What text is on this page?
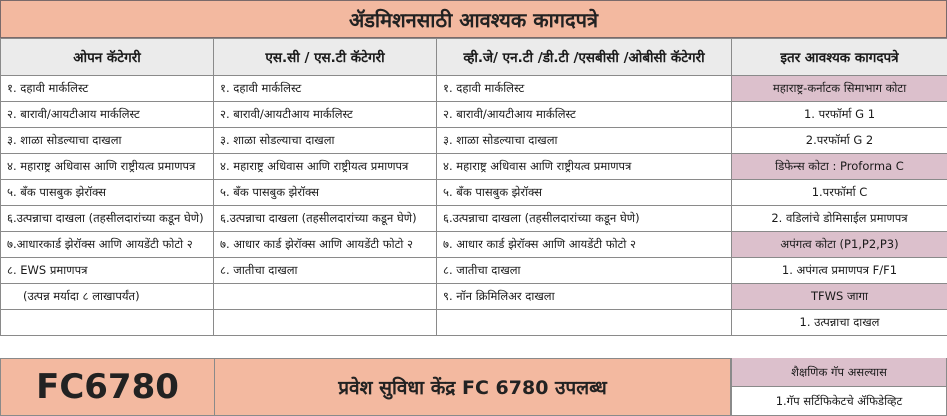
ॲडमिशनसाठी आवश्यक कागदपत्रे
ओपन कॅटेगरी	एस.सी / एस.टी कॅटेगरी	व्ही.जे/ एन.टी /डी.टी /एसबीसी /ओबीसी कॅटेगरी	इतर आवश्यक कागदपत्रे
१. दहावी मार्कलिस्ट	१. दहावी मार्कलिस्ट	१. दहावी मार्कलिस्ट	महाराष्ट्र-कर्नाटक सिमाभाग कोटा
२. बारावी/आयटीआय मार्कलिस्ट	२. बारावी/आयटीआय मार्कलिस्ट	२. बारावी/आयटीआय मार्कलिस्ट	1. परफॉर्मा G 1
३. शाळा सोडल्याचा दाखला	३. शाळा सोडल्याचा दाखला	३. शाळा सोडल्याचा दाखला	2.परफॉर्मा G 2
४. महाराष्ट्र अधिवास आणि राष्ट्रीयत्व प्रमाणपत्र	४. महाराष्ट्र अधिवास आणि राष्ट्रीयत्व प्रमाणपत्र	४. महाराष्ट्र अधिवास आणि राष्ट्रीयत्व प्रमाणपत्र	डिफेन्स कोटा : Proforma C
५. बँक पासबुक झेरॉक्स	५. बँक पासबुक झेरॉक्स	५. बँक पासबुक झेरॉक्स	1.परफॉर्मा C
६.उत्पन्नाचा दाखला (तहसीलदारांच्या कडून घेणे)	६.उत्पन्नाचा दाखला (तहसीलदारांच्या कडून घेणे)	६.उत्पन्नाचा दाखला (तहसीलदारांच्या कडून घेणे)	2. वडिलांचे डोमिसाईल प्रमाणपत्र
७.आधारकार्ड झेरॉक्स आणि आयडेंटी फोटो २	७. आधार कार्ड झेरॉक्स आणि आयडेंटी फोटो २	७. आधार कार्ड झेरॉक्स आणि आयडेंटी फोटो २	अपंगत्व कोटा (P1,P2,P3)
८. EWS प्रमाणपत्र	८. जातीचा दाखला	८. जातीचा दाखला	1. अपंगत्व प्रमाणपत्र F/F1
(उत्पन्न मर्यादा ८ लाखापर्यंत)		९. नॉन क्रिमिलिअर दाखला	TFWS जागा
			1. उत्पन्नाचा दाखल
FC6780	प्रवेश सुविधा केंद्र FC 6780 उपलब्ध
शैक्षणिक गॅप असल्यास
1.गॅप सर्टिफिकेटचे ॲफिडेव्हिट
